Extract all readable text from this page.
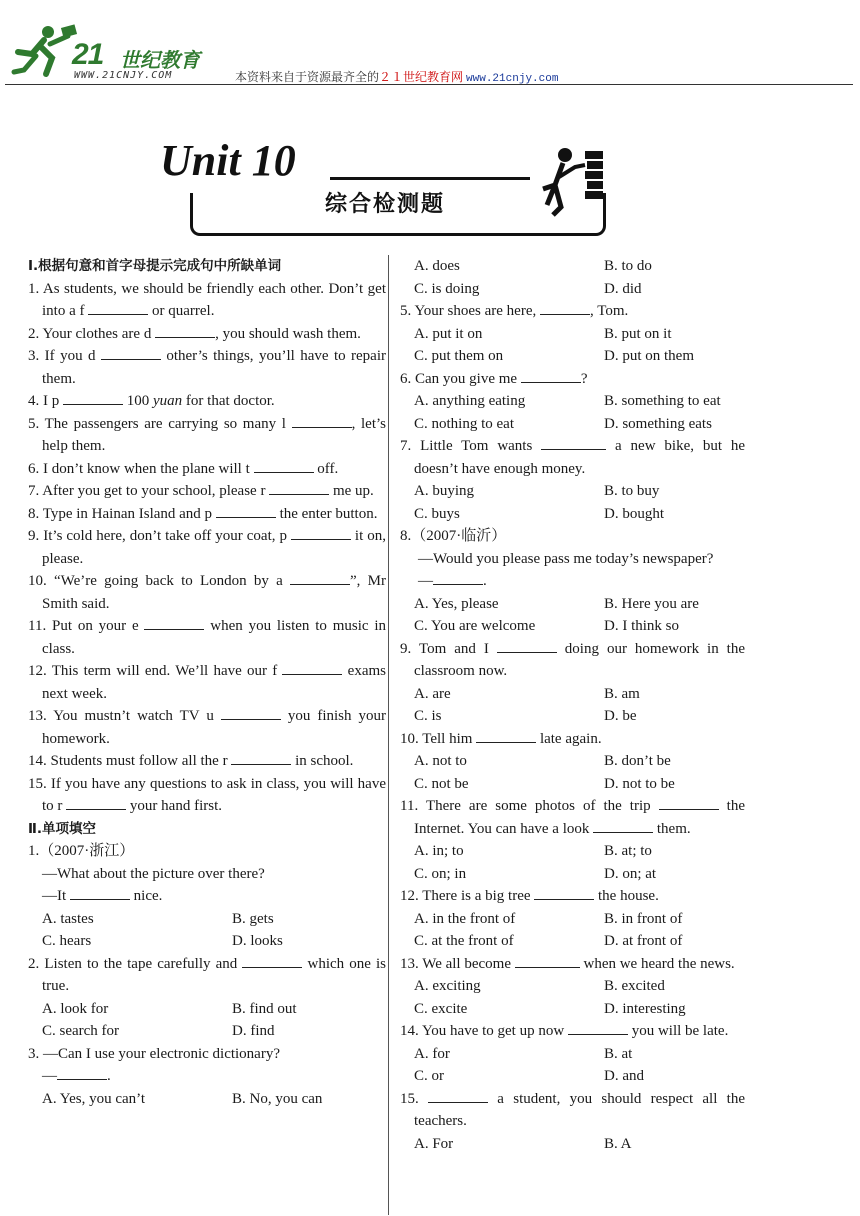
21 世纪教育
WWW.21CNJY.COM	本资料来自于资源最齐全的２１世纪教育网 www.21cnjy.com
Unit 10
综合检测题

Ⅰ.根据句意和首字母提示完成句中所缺单词

1. As students, we should be friendly each other. Don’t get into a f	or quarrel.

2. Your clothes are d	, you should wash them.

3. If you d	other’s things, you’ll have to repair them.

4. I p	100 yuan for that doctor.

5. The passengers are carrying so many l	, let’s help them.

6. I don’t know when the plane will t	off.

7. After you get to your school, please r	me up.

8. Type in Hainan Island and p	the enter button.

9. It’s cold here, don’t take off your coat, p	it on, please.

10. “We’re going back to London by a	”, Mr Smith said.

11. Put on your e	when you listen to music in class.

12. This term will end. We’ll have our f	exams next week.

13. You mustn’t watch TV u	you finish your homework.

14. Students must follow all the r	in school.

15. If you have any questions to ask in class, you will have to r	your hand first.

Ⅱ.单项填空

1.（2007·浙江）

—What about the picture over there?

—It	nice.

A. tastes	B. gets
C. hears	D. looks

2. Listen to the tape carefully and	which one is true.

A. look for	B. find out
C. search for	D. find

3. —Can I use your electronic dictionary?

—	.

A. Yes, you can’t	B. No, you can
A. does	B. to do
C. is doing	D. did

5. Your shoes are here,	, Tom.

A. put it on	B. put on it
C. put them on	D. put on them

6. Can you give me	?

A. anything eating	B. something to eat
C. nothing to eat	D. something eats

7. Little Tom wants	a new bike, but he doesn’t have enough money.

A. buying	B. to buy
C. buys	D. bought

8.（2007·临沂）

—Would you please pass me today’s newspaper?

—	.

A. Yes, please	B. Here you are
C. You are welcome	D. I think so

9. Tom and I	doing our homework in the classroom now.

A. are	B. am
C. is	D. be

10. Tell him	late again.

A. not to	B. don’t be
C. not be	D. not to be

11. There are some photos of the trip	the Internet. You can have a look	them.

A. in; to	B. at; to
C. on; in	D. on; at

12. There is a big tree	the house.

A. in the front of	B. in front of
C. at the front of	D. at front of

13. We all become	when we heard the news.

A. exciting	B. excited
C. excite	D. interesting

14. You have to get up now	you will be late.

A. for	B. at
C. or	D. and

15.	a student, you should respect all the teachers.

A. For	B. A
